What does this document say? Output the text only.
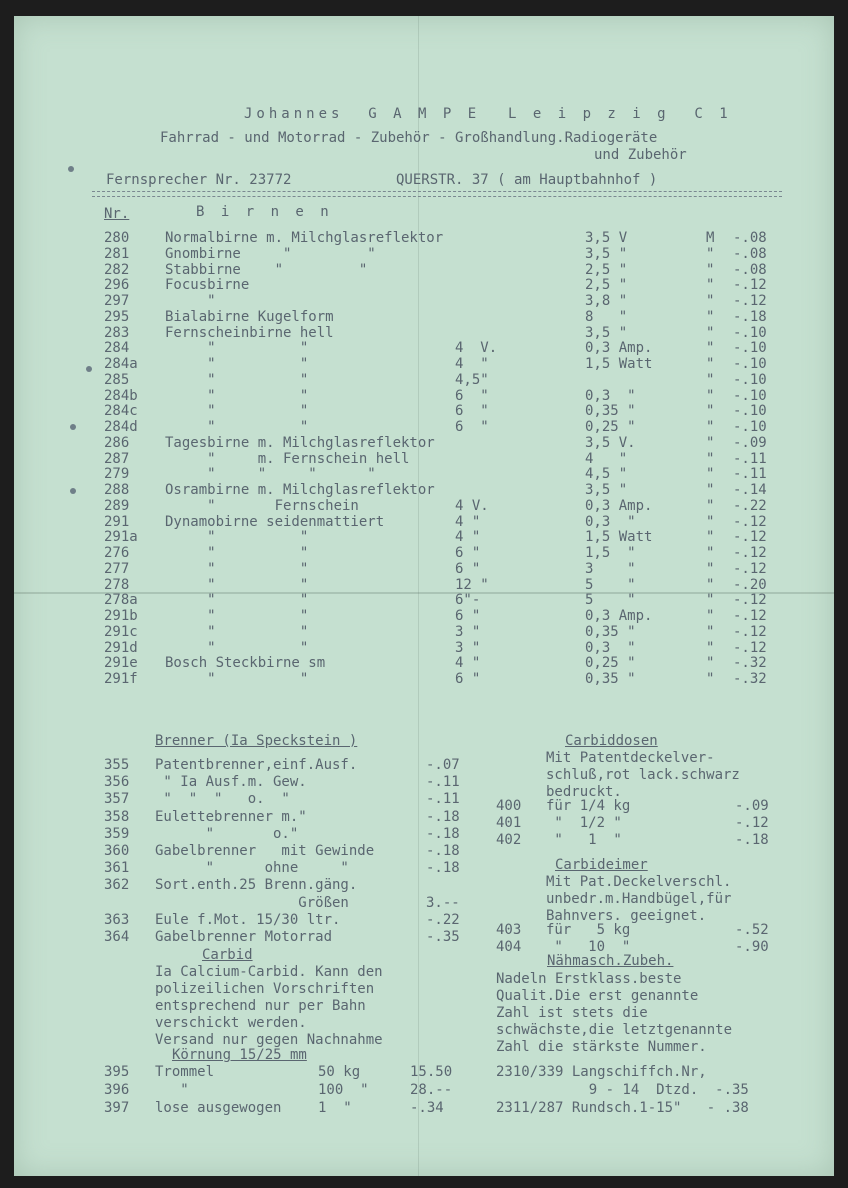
Johannes  G A M P E L e i p z i g  C 1
Fahrrad - und Motorrad - Zubehör - Großhandlung.Radiogeräte
und Zubehör
Fernsprecher Nr. 23772	QUERSTR. 37 ( am Hauptbahnhof )
Nr.	B i r n e n
280	Normalbirne m. Milchglasreflektor	3,5 V	M -.08
281	Gnombirne     "         "	3,5 "	" -.08
282	Stabbirne    "         "	2,5 "	" -.08
296	Focusbirne	2,5 "	" -.12
297	"	3,8 "	" -.12
295	Bialabirne Kugelform	8   "	" -.18
283	Fernscheinbirne hell	3,5 "	" -.10
284	"          "	4  V.	0,3 Amp.	" -.10
284a "          "	4  "	1,5 Watt	" -.10
285	"          "	4,5"	" -.10
284b "          "	6  "	0,3  "	" -.10
284c "          "	6  "	0,35 "	" -.10
284d "          "	6  "	0,25 "	" -.10
286	Tagesbirne m. Milchglasreflektor	3,5 V.	" -.09
287	"     m. Fernschein hell	4   "	" -.11
279	"     "     "      "	4,5 "	" -.11
288	Osrambirne m. Milchglasreflektor	3,5 "	" -.14
289	"       Fernschein	4 V.	0,3 Amp.	" -.22
291	Dynamobirne seidenmattiert	4 "	0,3  "	" -.12
291a "          "	4 "	1,5 Watt	" -.12
276	"          "	6 "	1,5  "	" -.12
277	"          "	6 "	3    "	" -.12
278	"          "	12 "	5    "	" -.20
278a "          "	6"-	5    "	" -.12
291b "          "	6 "	0,3 Amp.	" -.12
291c "          "	3 "	0,35 "	" -.12
291d "          "	3 "	0,3  "	" -.12
291e Bosch Steckbirne sm	4 "	0,25 "	" -.32
291f "          "	6 "	0,35 "	" -.32
Brenner (Ia Speckstein )
355 Patentbrenner,einf.Ausf.	-.07
356 " Ia Ausf.m. Gew.	-.11
357 "  "  "   o.  "	-.11
358 Eulettebrenner m."	-.18
359 "       o."	-.18
360 Gabelbrenner   mit Gewinde	-.18
361 "      ohne     "	-.18
362 Sort.enth.25 Brenn.gäng.
Größen	3.--
363 Eule f.Mot. 15/30 ltr.	-.22
364 Gabelbrenner Motorrad	-.35
Carbid
Ia Calcium-Carbid. Kann den
polizeilichen Vorschriften
entsprechend nur per Bahn
verschickt werden.
Versand nur gegen Nachnahme
Körnung 15/25 mm
395 Trommel	50 kg	15.50
396 "	100  "	28.--
397 lose ausgewogen	1  "	-.34
Carbiddosen
Mit Patentdeckelver-
schluß,rot lack.schwarz
bedruckt.
400 für 1/4 kg	-.09
401 "  1/2 "	-.12
402 "   1  "	-.18
Carbideimer
Mit Pat.Deckelverschl.
unbedr.m.Handbügel,für
Bahnvers. geeignet.
403 für   5 kg	-.52
404 "   10  "	-.90
Nähmasch.Zubeh.
Nadeln Erstklass.beste
Qualit.Die erst genannte
Zahl ist stets die
schwächste,die letztgenannte
Zahl die stärkste Nummer.
2310/339 Langschiffch.Nr,
9 - 14  Dtzd.  -.35
2311/287 Rundsch.1-15"   - .38
